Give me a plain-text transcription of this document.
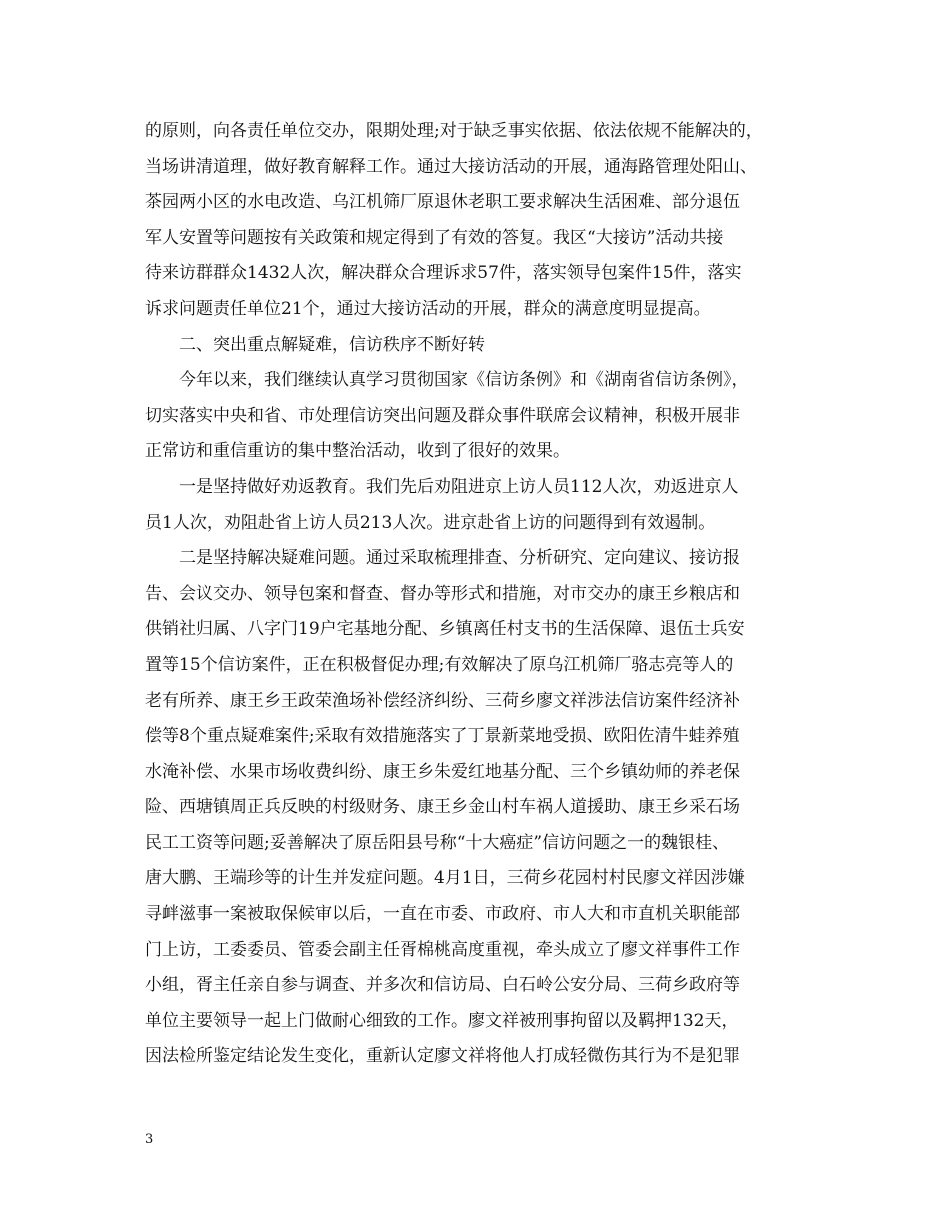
的原则，向各责任单位交办，限期处理;对于缺乏事实依据、依法依规不能解决的，
当场讲清道理，做好教育解释工作。通过大接访活动的开展，通海路管理处阳山、
茶园两小区的水电改造、乌江机筛厂原退休老职工要求解决生活困难、部分退伍
军人安置等问题按有关政策和规定得到了有效的答复。我区“大接访”活动共接
待来访群群众1432人次，解决群众合理诉求57件，落实领导包案件15件，落实
诉求问题责任单位21个，通过大接访活动的开展，群众的满意度明显提高。
　　二、突出重点解疑难，信访秩序不断好转
　　今年以来，我们继续认真学习贯彻国家《信访条例》和《湖南省信访条例》，
切实落实中央和省、市处理信访突出问题及群众事件联席会议精神，积极开展非
正常访和重信重访的集中整治活动，收到了很好的效果。
　　一是坚持做好劝返教育。我们先后劝阻进京上访人员112人次，劝返进京人
员1人次，劝阻赴省上访人员213人次。进京赴省上访的问题得到有效遏制。
　　二是坚持解决疑难问题。通过采取梳理排查、分析研究、定向建议、接访报
告、会议交办、领导包案和督查、督办等形式和措施，对市交办的康王乡粮店和
供销社归属、八字门19户宅基地分配、乡镇离任村支书的生活保障、退伍士兵安
置等15个信访案件，正在积极督促办理;有效解决了原乌江机筛厂骆志亮等人的
老有所养、康王乡王政荣渔场补偿经济纠纷、三荷乡廖文祥涉法信访案件经济补
偿等8个重点疑难案件;采取有效措施落实了丁景新菜地受损、欧阳佐清牛蛙养殖
水淹补偿、水果市场收费纠纷、康王乡朱爱红地基分配、三个乡镇幼师的养老保
险、西塘镇周正兵反映的村级财务、康王乡金山村车祸人道援助、康王乡采石场
民工工资等问题;妥善解决了原岳阳县号称“十大癌症”信访问题之一的魏银桂、
唐大鹏、王端珍等的计生并发症问题。4月1日，三荷乡花园村村民廖文祥因涉嫌
寻衅滋事一案被取保候审以后，一直在市委、市政府、市人大和市直机关职能部
门上访，工委委员、管委会副主任胥棉桃高度重视，牵头成立了廖文祥事件工作
小组，胥主任亲自参与调查、并多次和信访局、白石岭公安分局、三荷乡政府等
单位主要领导一起上门做耐心细致的工作。廖文祥被刑事拘留以及羁押132天，
因法检所鉴定结论发生变化，重新认定廖文祥将他人打成轻微伤其行为不是犯罪
3
